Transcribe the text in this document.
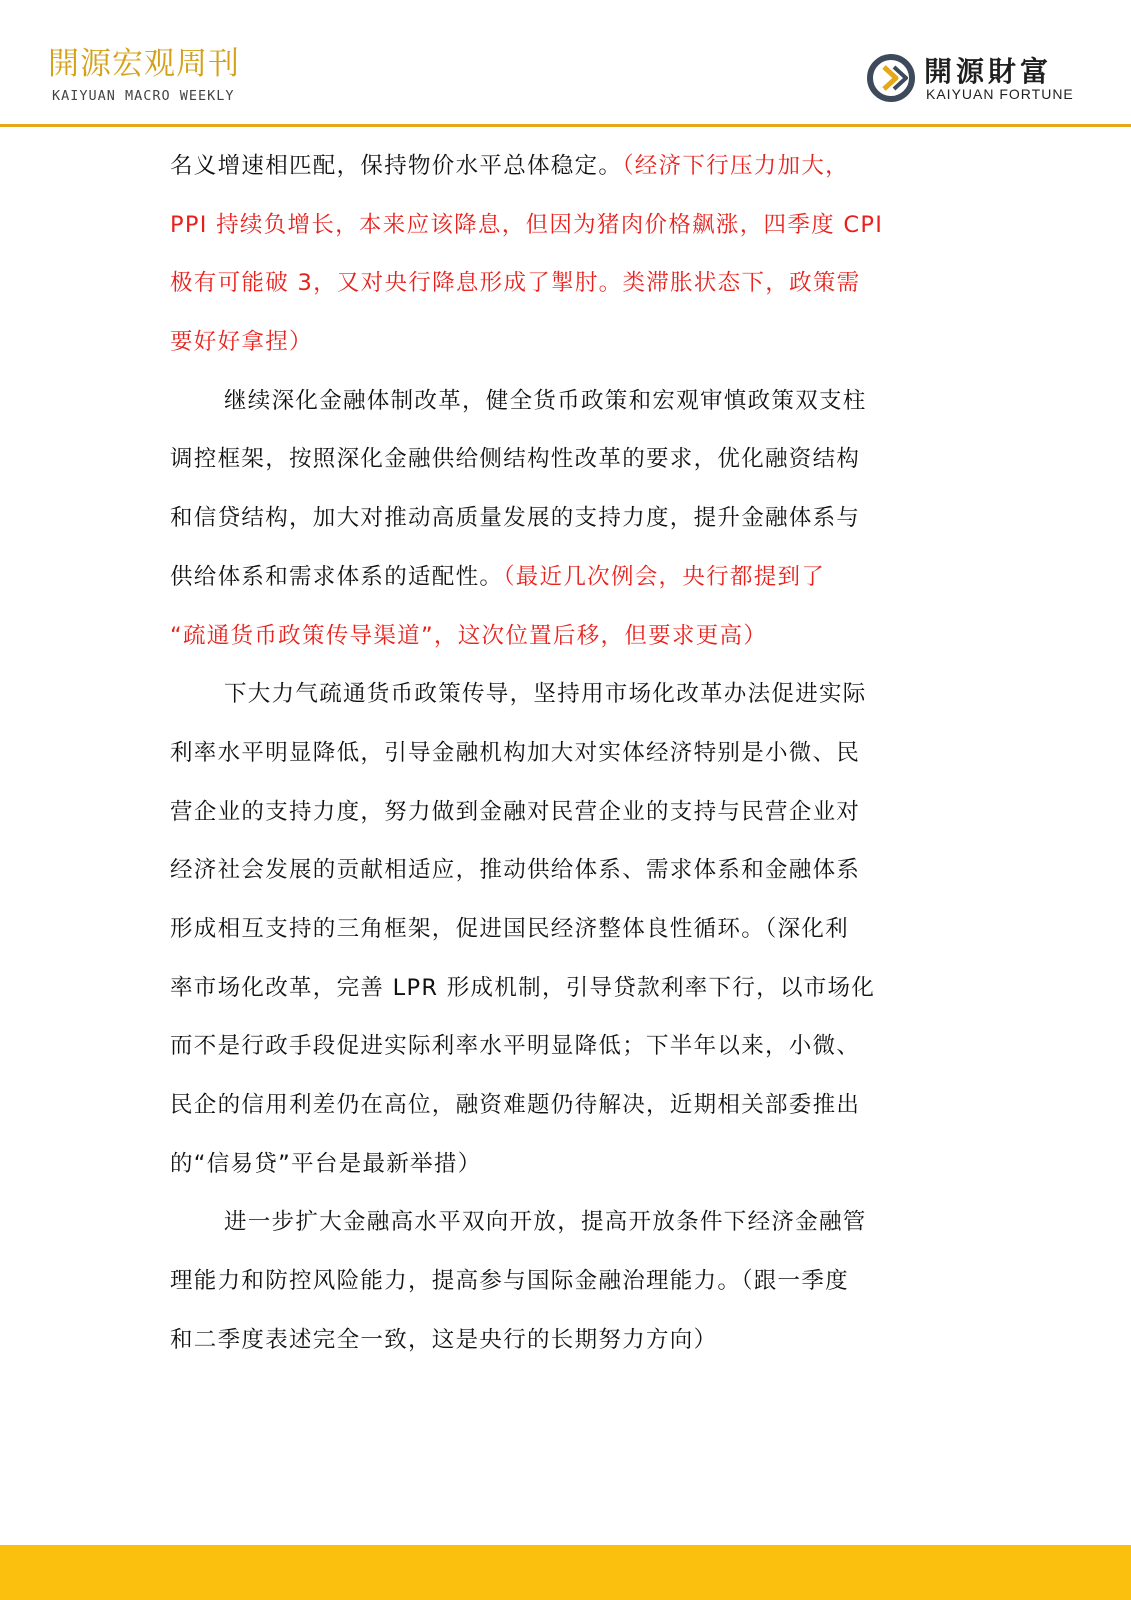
開源宏观周刊
KAIYUAN MACRO WEEKLY
開源財富
KAIYUAN FORTUNE
名义增速相匹配，保持物价水平总体稳定。（经济下行压力加大，
PPI 持续负增长，本来应该降息，但因为猪肉价格飙涨，四季度 CPI
极有可能破 3，又对央行降息形成了掣肘。类滞胀状态下，政策需
要好好拿捏）
继续深化金融体制改革，健全货币政策和宏观审慎政策双支柱
调控框架，按照深化金融供给侧结构性改革的要求，优化融资结构
和信贷结构，加大对推动高质量发展的支持力度，提升金融体系与
供给体系和需求体系的适配性。（最近几次例会，央行都提到了
“疏通货币政策传导渠道”，这次位置后移，但要求更高）
下大力气疏通货币政策传导，坚持用市场化改革办法促进实际
利率水平明显降低，引导金融机构加大对实体经济特别是小微、民
营企业的支持力度，努力做到金融对民营企业的支持与民营企业对
经济社会发展的贡献相适应，推动供给体系、需求体系和金融体系
形成相互支持的三角框架，促进国民经济整体良性循环。（深化利
率市场化改革，完善 LPR 形成机制，引导贷款利率下行，以市场化
而不是行政手段促进实际利率水平明显降低；下半年以来，小微、
民企的信用利差仍在高位，融资难题仍待解决，近期相关部委推出
的“信易贷”平台是最新举措）
进一步扩大金融高水平双向开放，提高开放条件下经济金融管
理能力和防控风险能力，提高参与国际金融治理能力。（跟一季度
和二季度表述完全一致，这是央行的长期努力方向）
